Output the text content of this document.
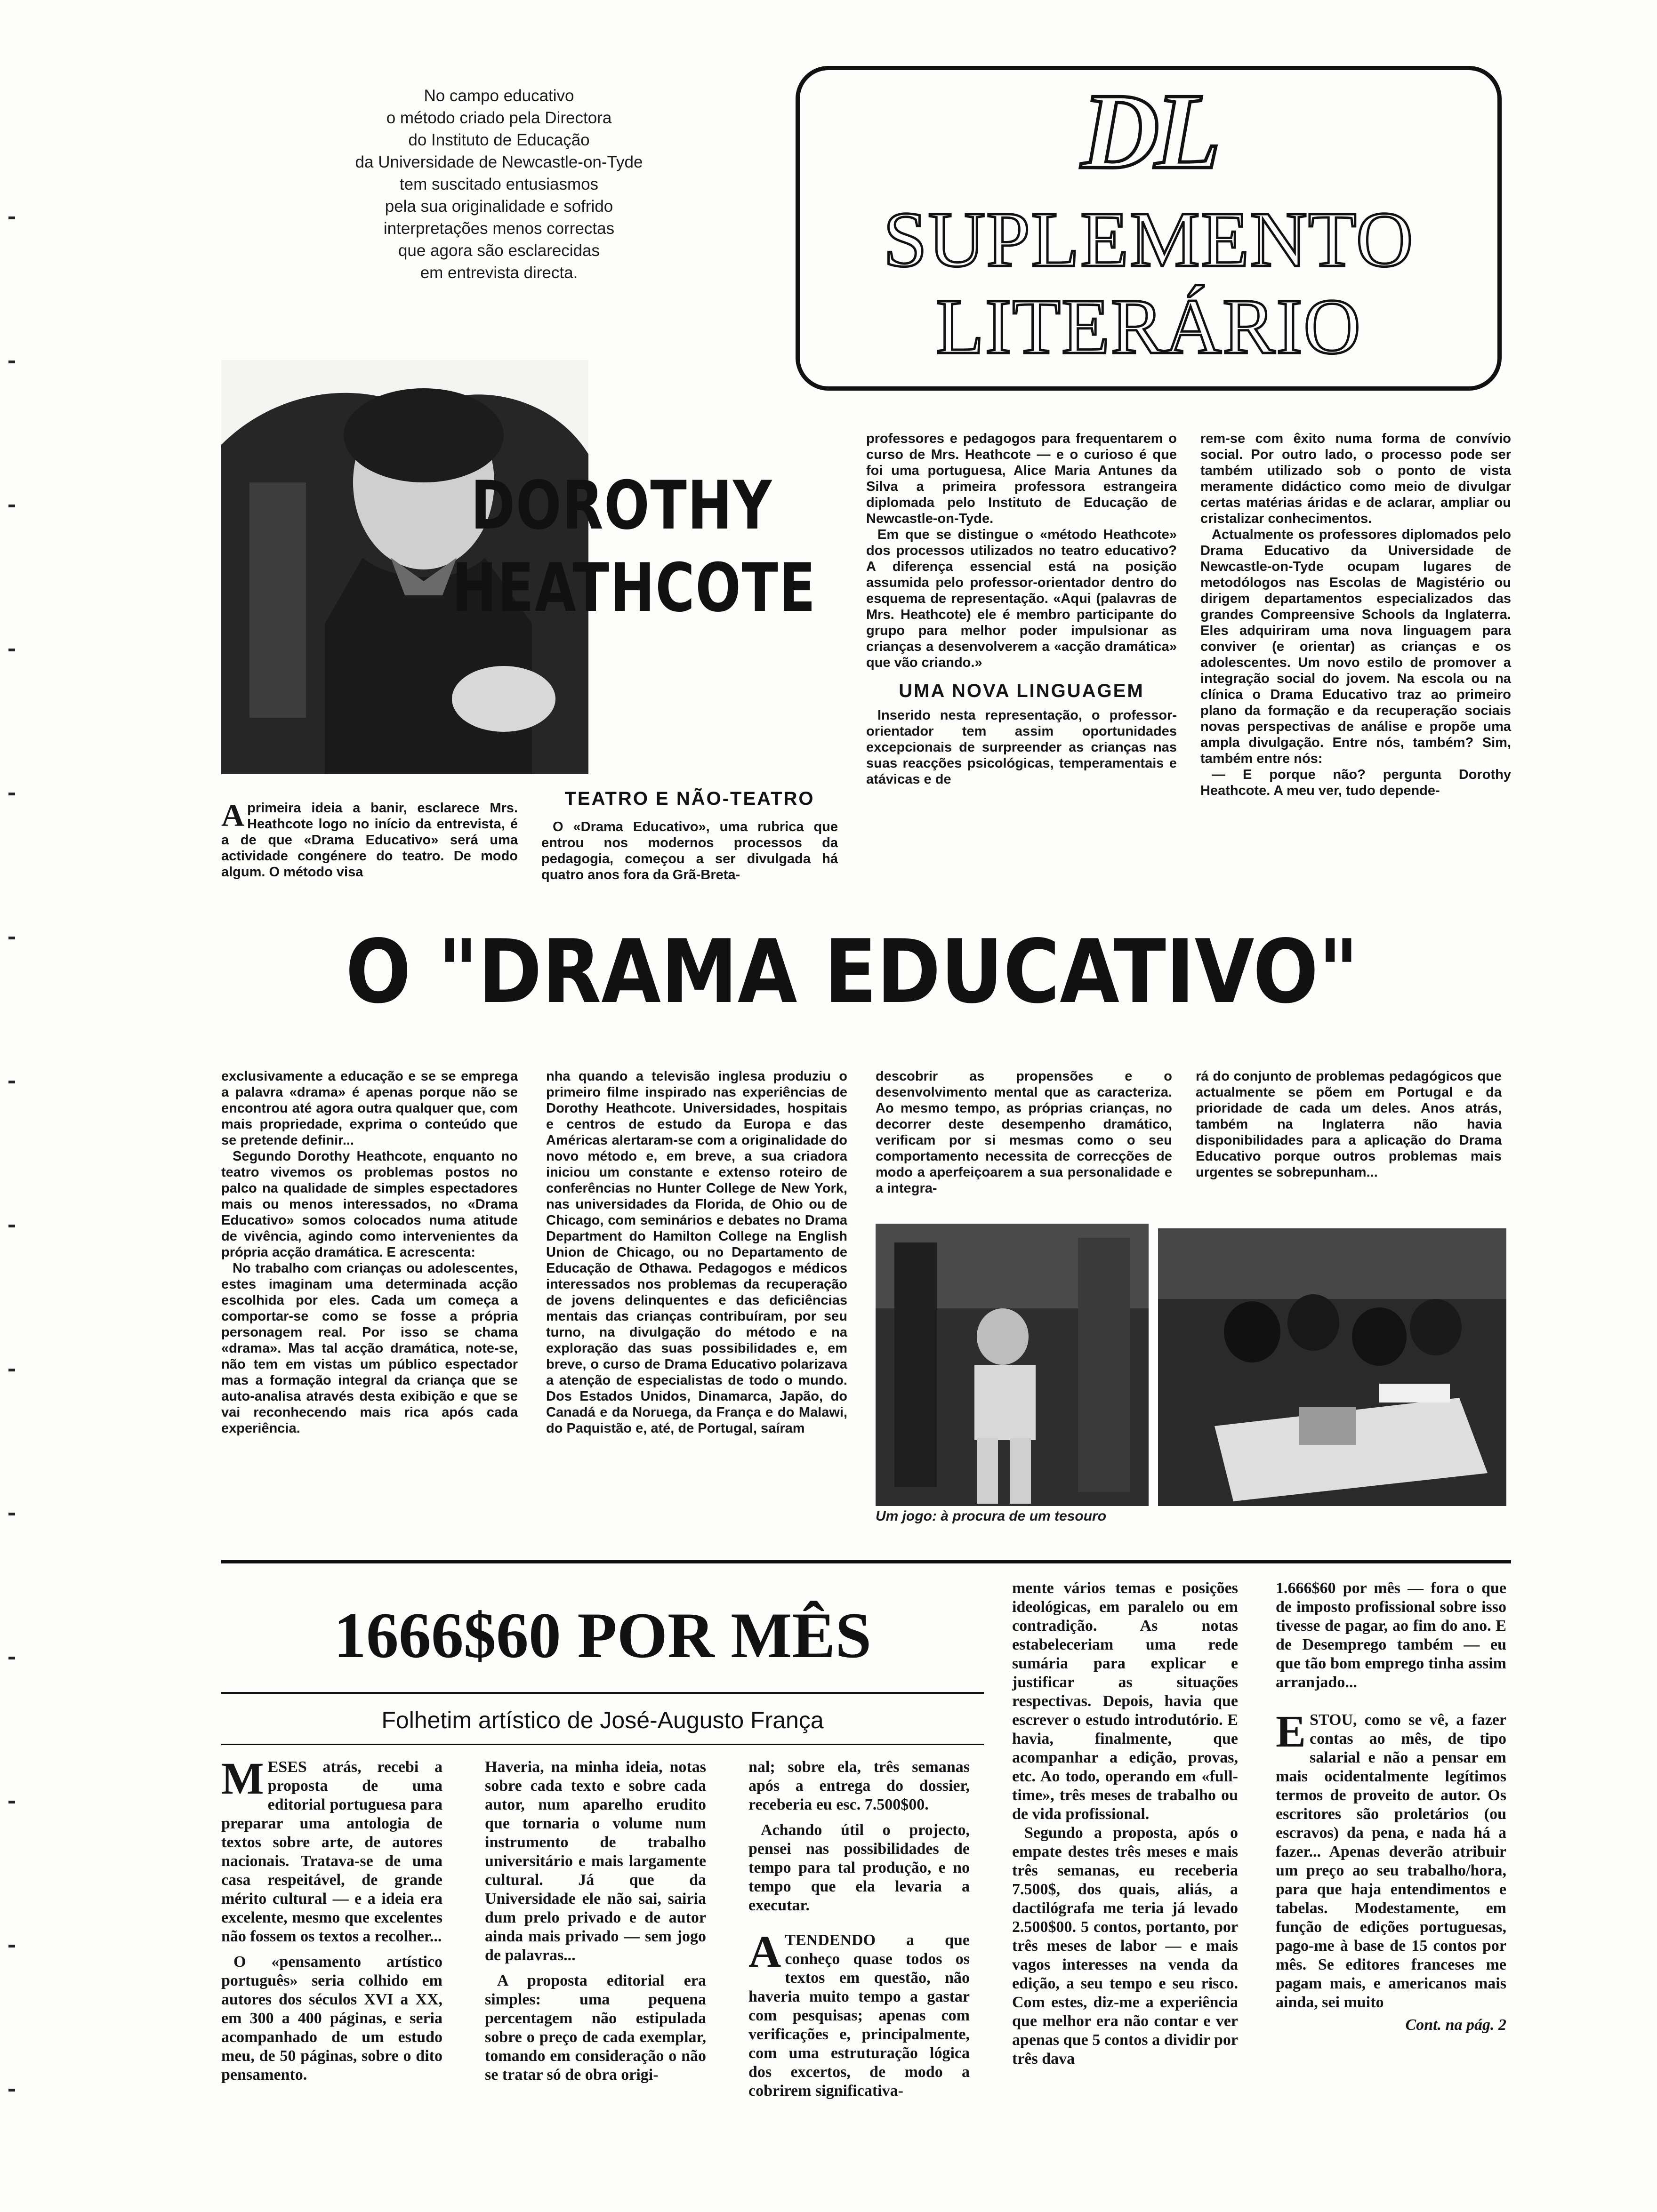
No campo educativo
o método criado pela Directora
do Instituto de Educação
da Universidade de Newcastle-on-Tyde
tem suscitado entusiasmos
pela sua originalidade e sofrido
interpretações menos correctas
que agora são esclarecidas
em entrevista directa.
DL
SUPLEMENTO
LITERÁRIO
DOROTHY
HEATHCOTE

Aprimeira ideia a banir, esclarece Mrs. Heathcote logo no início da entrevista, é a de que «Drama Educativo» será uma actividade congénere do teatro. De modo algum. O método visa

TEATRO E NÃO-TEATRO

O «Drama Educativo», uma rubrica que entrou nos modernos processos da pedagogia, começou a ser divulgada há quatro anos fora da Grã-Breta-

professores e pedagogos para frequentarem o curso de Mrs. Heathcote — e o curioso é que foi uma portuguesa, Alice Maria Antunes da Silva a primeira professora estrangeira diplomada pelo Instituto de Educação de Newcastle-on-Tyde.

Em que se distingue o «método Heathcote» dos processos utilizados no teatro educativo? A diferença essencial está na posição assumida pelo professor-orientador dentro do esquema de representação. «Aqui (palavras de Mrs. Heathcote) ele é membro participante do grupo para melhor poder impulsionar as crianças a desenvolverem a «acção dramática» que vão criando.»

UMA NOVA LINGUAGEM

Inserido nesta representação, o professor-orientador tem assim oportunidades excepcionais de surpreender as crianças nas suas reacções psicológicas, temperamentais e atávicas e de

rem-se com êxito numa forma de convívio social. Por outro lado, o processo pode ser também utilizado sob o ponto de vista meramente didáctico como meio de divulgar certas matérias áridas e de aclarar, ampliar ou cristalizar conhecimentos.

Actualmente os professores diplomados pelo Drama Educativo da Universidade de Newcastle-on-Tyde ocupam lugares de metodólogos nas Escolas de Magistério ou dirigem departamentos especializados das grandes Compreensive Schools da Inglaterra. Eles adquiriram uma nova linguagem para conviver (e orientar) as crianças e os adolescentes. Um novo estilo de promover a integração social do jovem. Na escola ou na clínica o Drama Educativo traz ao primeiro plano da formação e da recuperação sociais novas perspectivas de análise e propõe uma ampla divulgação. Entre nós, também? Sim, também entre nós:

— E porque não? pergunta Dorothy Heathcote. A meu ver, tudo depende-

O "DRAMA EDUCATIVO"

exclusivamente a educação e se se emprega a palavra «drama» é apenas porque não se encontrou até agora outra qualquer que, com mais propriedade, exprima o conteúdo que se pretende definir...

Segundo Dorothy Heathcote, enquanto no teatro vivemos os problemas postos no palco na qualidade de simples espectadores mais ou menos interessados, no «Drama Educativo» somos colocados numa atitude de vivência, agindo como intervenientes da própria acção dramática. E acrescenta:

No trabalho com crianças ou adolescentes, estes imaginam uma determinada acção escolhida por eles. Cada um começa a comportar-se como se fosse a própria personagem real. Por isso se chama «drama». Mas tal acção dramática, note-se, não tem em vistas um público espectador mas a formação integral da criança que se auto-analisa através desta exibição e que se vai reconhecendo mais rica após cada experiência.

nha quando a televisão inglesa produziu o primeiro filme inspirado nas experiências de Dorothy Heathcote. Universidades, hospitais e centros de estudo da Europa e das Américas alertaram-se com a originalidade do novo método e, em breve, a sua criadora iniciou um constante e extenso roteiro de conferências no Hunter College de New York, nas universidades da Florida, de Ohio ou de Chicago, com seminários e debates no Drama Department do Hamilton College na English Union de Chicago, ou no Departamento de Educação de Othawa. Pedagogos e médicos interessados nos problemas da recuperação de jovens delinquentes e das deficiências mentais das crianças contribuíram, por seu turno, na divulgação do método e na exploração das suas possibilidades e, em breve, o curso de Drama Educativo polarizava a atenção de especialistas de todo o mundo. Dos Estados Unidos, Dinamarca, Japão, do Canadá e da Noruega, da França e do Malawi, do Paquistão e, até, de Portugal, saíram

descobrir as propensões e o desenvolvimento mental que as caracteriza. Ao mesmo tempo, as próprias crianças, no decorrer deste desempenho dramático, verificam por si mesmas como o seu comportamento necessita de correcções de modo a aperfeiçoarem a sua personalidade e a integra-

rá do conjunto de problemas pedagógicos que actualmente se põem em Portugal e da prioridade de cada um deles. Anos atrás, também na Inglaterra não havia disponibilidades para a aplicação do Drama Educativo porque outros problemas mais urgentes se sobrepunham...

Um jogo: à procura de um tesouro
1666$60 POR MÊS
Folhetim artístico de José-Augusto França

MESES atrás, recebi a proposta de uma editorial portuguesa para preparar uma antologia de textos sobre arte, de autores nacionais. Tratava-se de uma casa respeitável, de grande mérito cultural — e a ideia era excelente, mesmo que excelentes não fossem os textos a recolher...

O «pensamento artístico português» seria colhido em autores dos séculos XVI a XX, em 300 a 400 páginas, e seria acompanhado de um estudo meu, de 50 páginas, sobre o dito pensamento.

Haveria, na minha ideia, notas sobre cada texto e sobre cada autor, num aparelho erudito que tornaria o volume num instrumento de trabalho universitário e mais largamente cultural. Já que da Universidade ele não sai, sairia dum prelo privado e de autor ainda mais privado — sem jogo de palavras...

A proposta editorial era simples: uma pequena percentagem não estipulada sobre o preço de cada exemplar, tomando em consideração o não se tratar só de obra origi-

nal; sobre ela, três semanas após a entrega do dossier, receberia eu esc. 7.500$00.

Achando útil o projecto, pensei nas possibilidades de tempo para tal produção, e no tempo que ela levaria a executar.

ATENDENDO a que conheço quase todos os textos em questão, não haveria muito tempo a gastar com pesquisas; apenas com verificações e, principalmente, com uma estruturação lógica dos excertos, de modo a cobrirem significativa-

mente vários temas e posições ideológicas, em paralelo ou em contradição. As notas estabeleceriam uma rede sumária para explicar e justificar as situações respectivas. Depois, havia que escrever o estudo introdutório. E havia, finalmente, que acompanhar a edição, provas, etc. Ao todo, operando em «full-time», três meses de trabalho ou de vida profissional.

Segundo a proposta, após o empate destes três meses e mais três semanas, eu receberia 7.500$, dos quais, aliás, a dactilógrafa me teria já levado 2.500$00. 5 contos, portanto, por três meses de labor — e mais vagos interesses na venda da edição, a seu tempo e seu risco. Com estes, diz-me a experiência que melhor era não contar e ver apenas que 5 contos a dividir por três dava

1.666$60 por mês — fora o que de imposto profissional sobre isso tivesse de pagar, ao fim do ano. E de Desemprego também — eu que tão bom emprego tinha assim arranjado...

ESTOU, como se vê, a fazer contas ao mês, de tipo salarial e não a pensar em mais ocidentalmente legítimos termos de proveito de autor. Os escritores são proletários (ou escravos) da pena, e nada há a fazer... Apenas deverão atribuir um preço ao seu trabalho/hora, para que haja entendimentos e tabelas. Modestamente, em função de edições portuguesas, pago-me à base de 15 contos por mês. Se editores franceses me pagam mais, e americanos mais ainda, sei muito

Cont. na pág. 2
